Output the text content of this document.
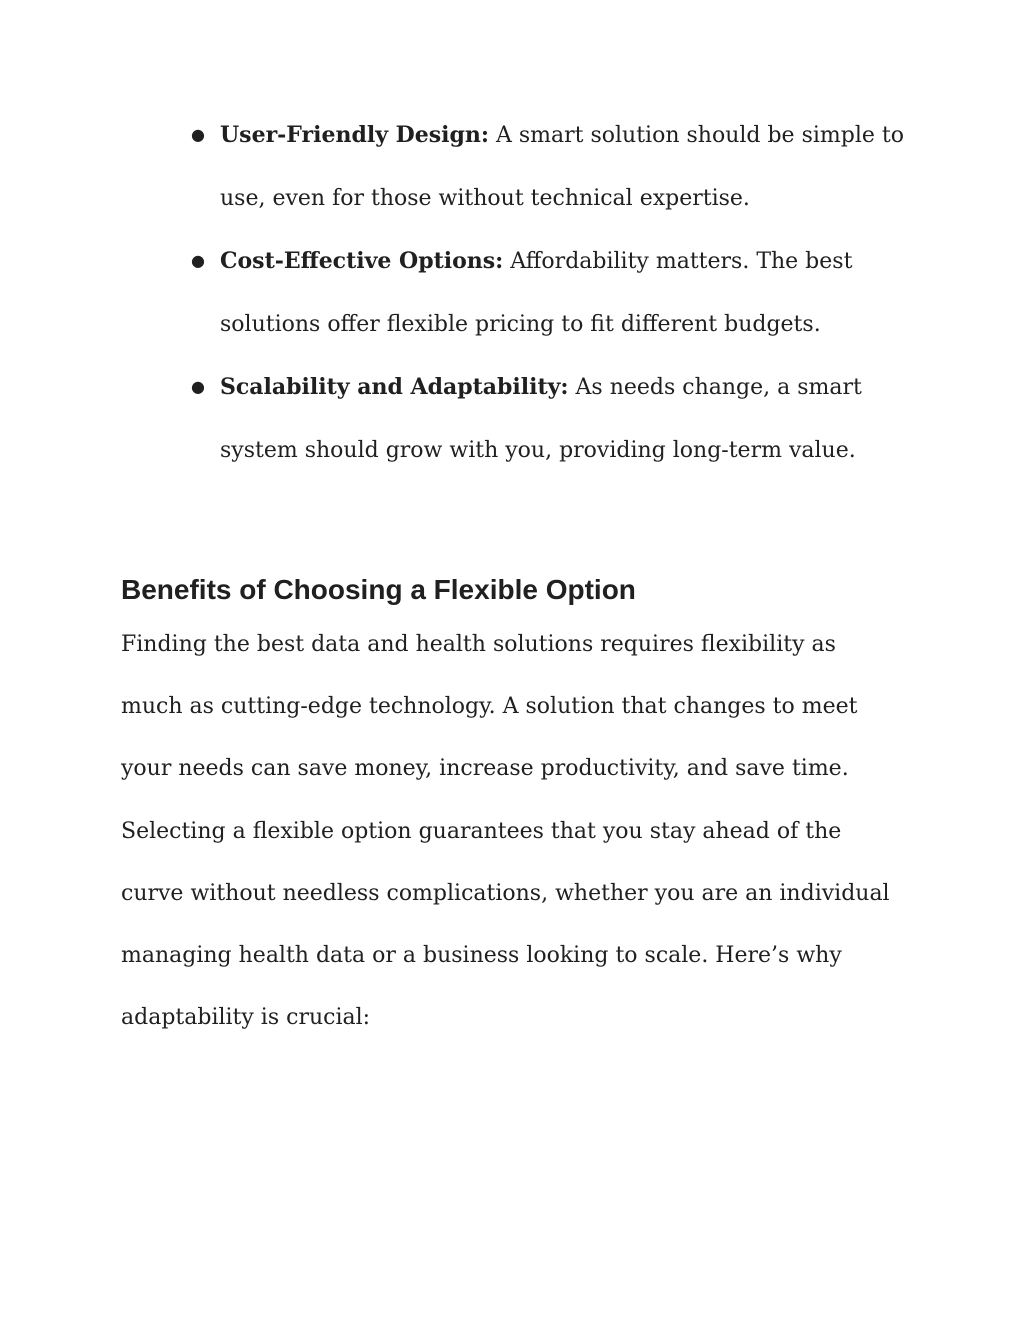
● User-Friendly Design: A smart solution should be simple to use, even for those without technical expertise.
● Cost-Effective Options: Affordability matters. The best solutions offer flexible pricing to fit different budgets.
● Scalability and Adaptability: As needs change, a smart system should grow with you, providing long-term value.
Benefits of Choosing a Flexible Option

Finding the best data and health solutions requires flexibility as much as cutting-edge technology. A solution that changes to meet your needs can save money, increase productivity, and save time. Selecting a flexible option guarantees that you stay ahead of the curve without needless complications, whether you are an individual managing health data or a business looking to scale. Here’s why adaptability is crucial:
